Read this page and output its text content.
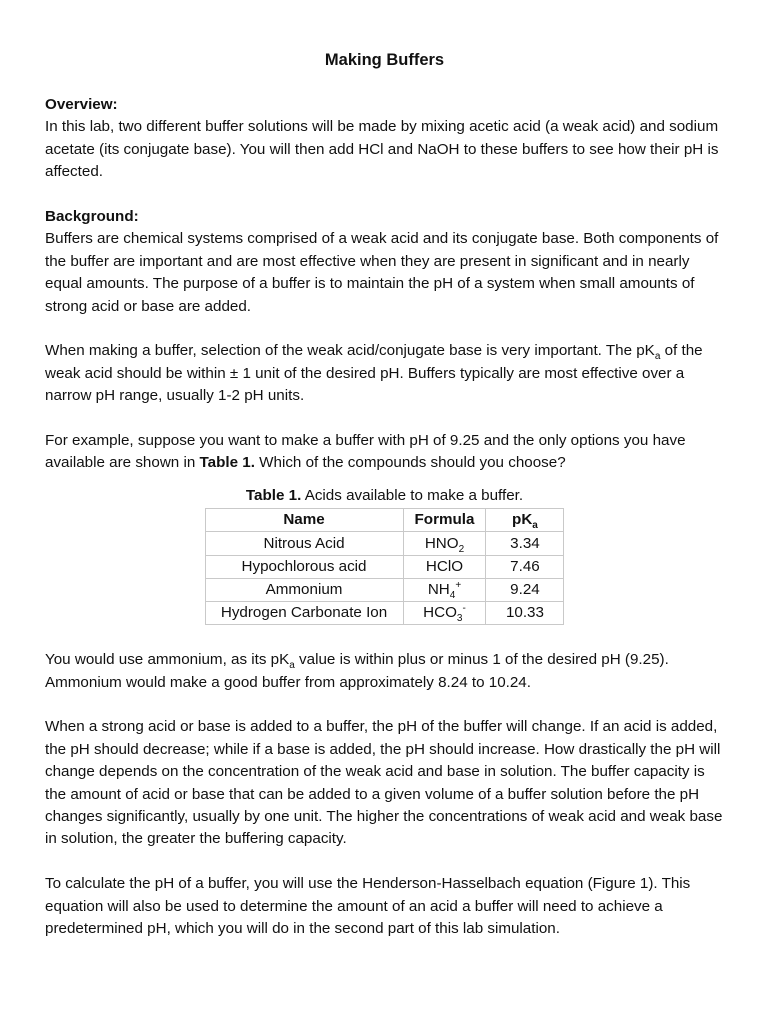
Making Buffers

Overview:

In this lab, two different buffer solutions will be made by mixing acetic acid (a weak acid) and sodium acetate (its conjugate base). You will then add HCl and NaOH to these buffers to see how their pH is affected.

Background:

Buffers are chemical systems comprised of a weak acid and its conjugate base. Both components of the buffer are important and are most effective when they are present in significant and in nearly equal amounts. The purpose of a buffer is to maintain the pH of a system when small amounts of strong acid or base are added.

When making a buffer, selection of the weak acid/conjugate base is very important. The $pK_a$ of the weak acid should be within ± 1 unit of the desired pH. Buffers typically are most effective over a narrow pH range, usually 1-2 pH units.

For example, suppose you want to make a buffer with pH of 9.25 and the only options you have available are shown in Table 1. Which of the compounds should you choose?

Table 1. Acids available to make a buffer.
Name	Formula	$pK_a$
Nitrous Acid	$HNO_2$	3.34
Hypochlorous acid	HClO	7.46
Ammonium	$NH_4^+$	9.24
Hydrogen Carbonate Ion	$HCO_3^-$	10.33

You would use ammonium, as its $pK_a$ value is within plus or minus 1 of the desired pH (9.25). Ammonium would make a good buffer from approximately 8.24 to 10.24.

When a strong acid or base is added to a buffer, the pH of the buffer will change. If an acid is added, the pH should decrease; while if a base is added, the pH should increase. How drastically the pH will change depends on the concentration of the weak acid and base in solution. The buffer capacity is the amount of acid or base that can be added to a given volume of a buffer solution before the pH changes significantly, usually by one unit. The higher the concentrations of weak acid and weak base in solution, the greater the buffering capacity.

To calculate the pH of a buffer, you will use the Henderson-Hasselbach equation (Figure 1). This equation will also be used to determine the amount of an acid a buffer will need to achieve a predetermined pH, which you will do in the second part of this lab simulation.
